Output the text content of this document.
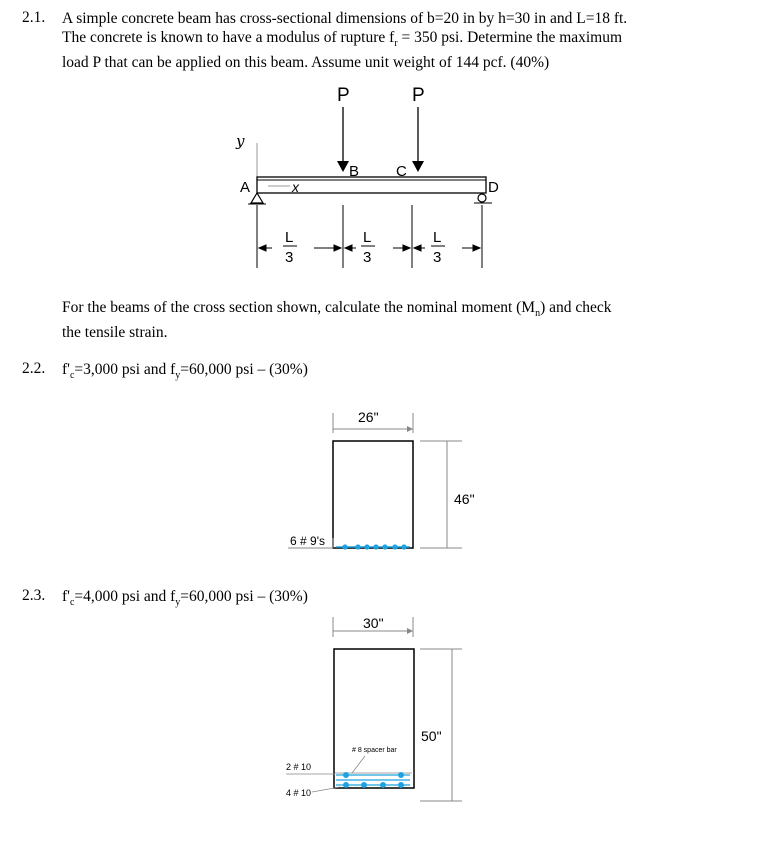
2.1. A simple concrete beam has cross-sectional dimensions of b=20 in by h=30 in and L=18 ft.
The concrete is known to have a modulus of rupture $f_r = 350$ psi. Determine the maximum
load P that can be applied on this beam. Assume unit weight of 144 pcf. (40%)
P	P
y
A
B C
D
x
L
3
L
3
L
3
For the beams of the cross section shown, calculate the nominal moment $(M_n)$ and check
the tensile strain.
2.2. $f'_c=3,000$ psi and $f_y=60,000$ psi – (30%)
26"
46"
6 # 9's
2.3. $f'_c=4,000$ psi and $f_y=60,000$ psi – (30%)
30"
50"
# 8 spacer bar
2 # 10
4 # 10
